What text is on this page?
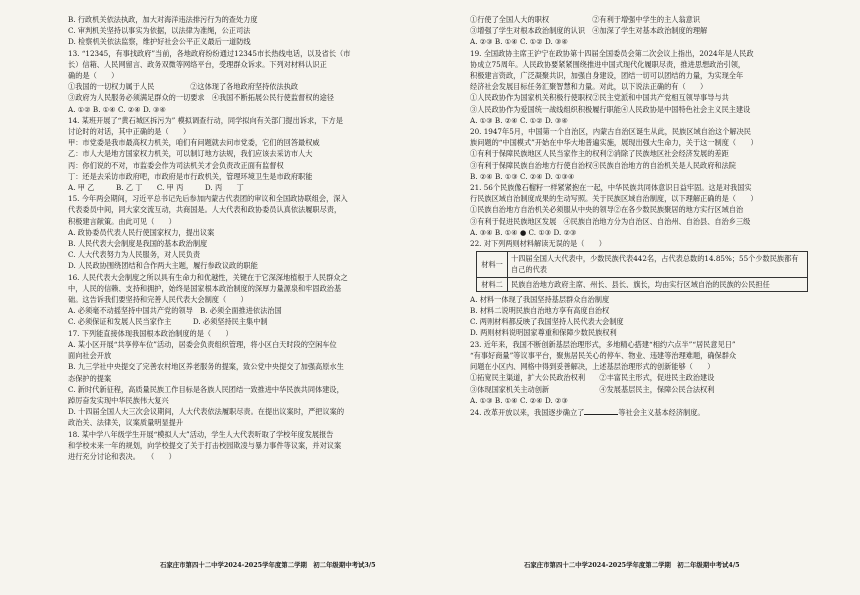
B. 行政机关依法执政，加大对海洋违法排污行为的查处力度
C. 审判机关坚持以事实为依据，以法律为准绳，公正司法
D. 检察机关依法监察，维护好社会公平正义最后一道防线
13. “12345，有事找政府”当前，各地政府纷纷通过12345市长热线电话，以及省长（市
长）信箱、人民网留言、政务双微等网络平台，受理群众诉求。下列对材料认识正
确的是（　　）
①我国的一切权力属于人民　　　　　②这体现了各地政府坚持依法执政
③政府为人民服务必须满足群众的一切要求　④我国不断拓展公民行使监督权的途径
A. ①② B. ①④ C. ②④ D. ③④
14. 某班开展了“黄石城区拆污为” 模拟调查行动，同学拟向有关部门提出诉求，下方是
讨论时的对话，其中正确的是（　　）
甲：市党委是我市最高权力机关，咱们有问题就去问市党委，它们的回答最权威
乙：市人大是地方国家权力机关，可以制订地方法规，我们应该去采访市人大
丙：你们说的不对，市监委会作为司法机关才会负责改正面有监督权
丁：还是去采访市政府吧，市政府是市行政机关，管理环境卫生是市政府职能
A. 甲 乙　　　B. 乙 丁　　C. 甲 丙　　　D. 丙　　丁
15. 今年两会期间，习近平总书记先后参加内蒙古代表团的审议和全国政协联组会，深入
代表委员中间，同大家交流互动，共商国是。人大代表和政协委员认真依法履职尽责，
积极建言献策。由此可见（　　）
A. 政协委员代表人民行使国家权力，提出议案
B. 人民代表大会制度是我国的基本政治制度
C. 人大代表努力为人民服务，对人民负责
D. 人民政协围绕团结和合作两大主题，履行参政议政的职能
16. 人民代表大会制度之所以具有生命力和优越性，关键在于它深深地植根于人民群众之
中，人民的信赖、支持和拥护，始终是国家根本政治制度的深厚力量源泉和牢固政治基
础。这告诉我们要坚持和完善人民代表大会制度（　　）
A. 必须毫不动摇坚持中国共产党的领导　B. 必须全面推进依法治国
C. 必须保证和发展人民当家作主　　　D. 必须坚持民主集中制
17. 下列能直接体现我国根本政治制度的是（　　）
A. 某小区开展“共享停车位”活动，居委会负责组织管理，将小区白天时段的空闲车位
面向社会开放
B. 九三学社中央提交了完善农村地区养老服务的提案，致公党中央提交了加强高原水生
态保护的提案
C. 新时代新征程，高质量民族工作目标是各族人民团结一致推进中华民族共同体建设，
踔厉奋发实现中华民族伟大复兴
D. 十四届全国人大三次会议期间，人大代表依法履职尽责。在提出议案时，严把议案的
政治关、法律关，议案质量明显提升
18. 某中学八年级学生开展“模拟人大”活动，学生人大代表听取了学校年度发展报告
和学校未来一年的规划，向学校提交了关于打击校园欺凌与暴力事件等议案，并对议案
进行充分讨论和表决。　　（　　）
①行使了全国人大的职权　　　　　　②有利于增强中学生的主人翁意识
③增强了学生对根本政治制度的认识　④加深了学生对基本政治制度的理解
A. ②③ B. ①④ C. ①② D. ③④
19. 全国政协主席王沪宁在政协第十四届全国委员会第二次会议上指出，2024年是人民政
协成立75周年。人民政协要紧紧围绕推进中国式现代化履职尽责，推进思想政治引领，
积极建言资政，广泛凝聚共识，加强自身建设，团结一切可以团结的力量，为实现全年
经济社会发展目标任务汇聚智慧和力量。对此，以下说法正确的有（　　）
①人民政协作为国家机关积极行使职权②民主党派和中国共产党相互领导事导与共
③人民政协作为爱国统一战线组织积极履行职能④人民政协是中国特色社会主义民主建设
A. ①③ B. ②④ C. ①② D. ③④
20. 1947年5月，中国第一个自治区，内蒙古自治区诞生从此，民族区域自治这个解决民
族问题的“中国模式”开始在中华大地普遍实施，展现出强大生命力，关于这一制度（　　）
①有利于保障民族地区人民当家作主的权利②消除了民族地区社会经济发展的差距
③有利于保障民族自治地方行使自治权④民族自治地方的自治机关是人民政府和法院
B. ②④ B. ①③ C. ②④ D. ①③④
21. 56个民族像石榴籽一样紧紧抱在一起，中华民族共同体意识日益牢固。这是对我国实
行民族区域自治制度成果的生动写照。关于民族区域自治制度，以下理解正确的是（　　）
①民族自治地方自治机关必须服从中央的领导②在各少数民族聚居的地方实行区域自治
③有利于促进民族地区发展　④民族自治地方分为自治区、自治州、自治县、自治乡三级
A. ③④ B. ①④ ● C. ①③ D. ②③
22. 对下列两则材料解读无误的是（　　）
材料一	十四届全国人大代表中，少数民族代表442名，占代表总数的14.85%；55个少数民族都有自己的代表
材料二	民族自治地方政府主席、州长、县长、旗长，均由实行区域自治的民族的公民担任
A. 材料一体现了我国坚持基层群众自治制度
B. 材料二说明民族自治地方享有高度自治权
C. 两则材料都反映了我国坚持人民代表大会制度
D. 两则材料说明国家尊重和保障少数民族权利
23. 近年来，我国不断创新基层治理形式，多地精心搭建“相约六点半”“居民意见日”
“有事好商量”等议事平台，聚焦居民关心的停车、物业、违建等治理难题，确保群众
问题在小区内、网格中得到妥善解决，上述基层治理形式的创新能够（　　）
①拓宽民主渠道，扩大公民政治权利　　②丰富民主形式，促进民主政治建设
③体现国家机关主动创新　　　　　　　④发展基层民主，保障公民合法权利
A. ①③ B. ①④ C. ②④ D. ②③
24. 改革开放以来，我国逐步确立了	等社会主义基本经济制度。
石家庄市第四十二中学2024-2025学年度第二学期　初二年级期中考试3/5	石家庄市第四十二中学2024-2025学年度第二学期　初二年级期中考试4/5
